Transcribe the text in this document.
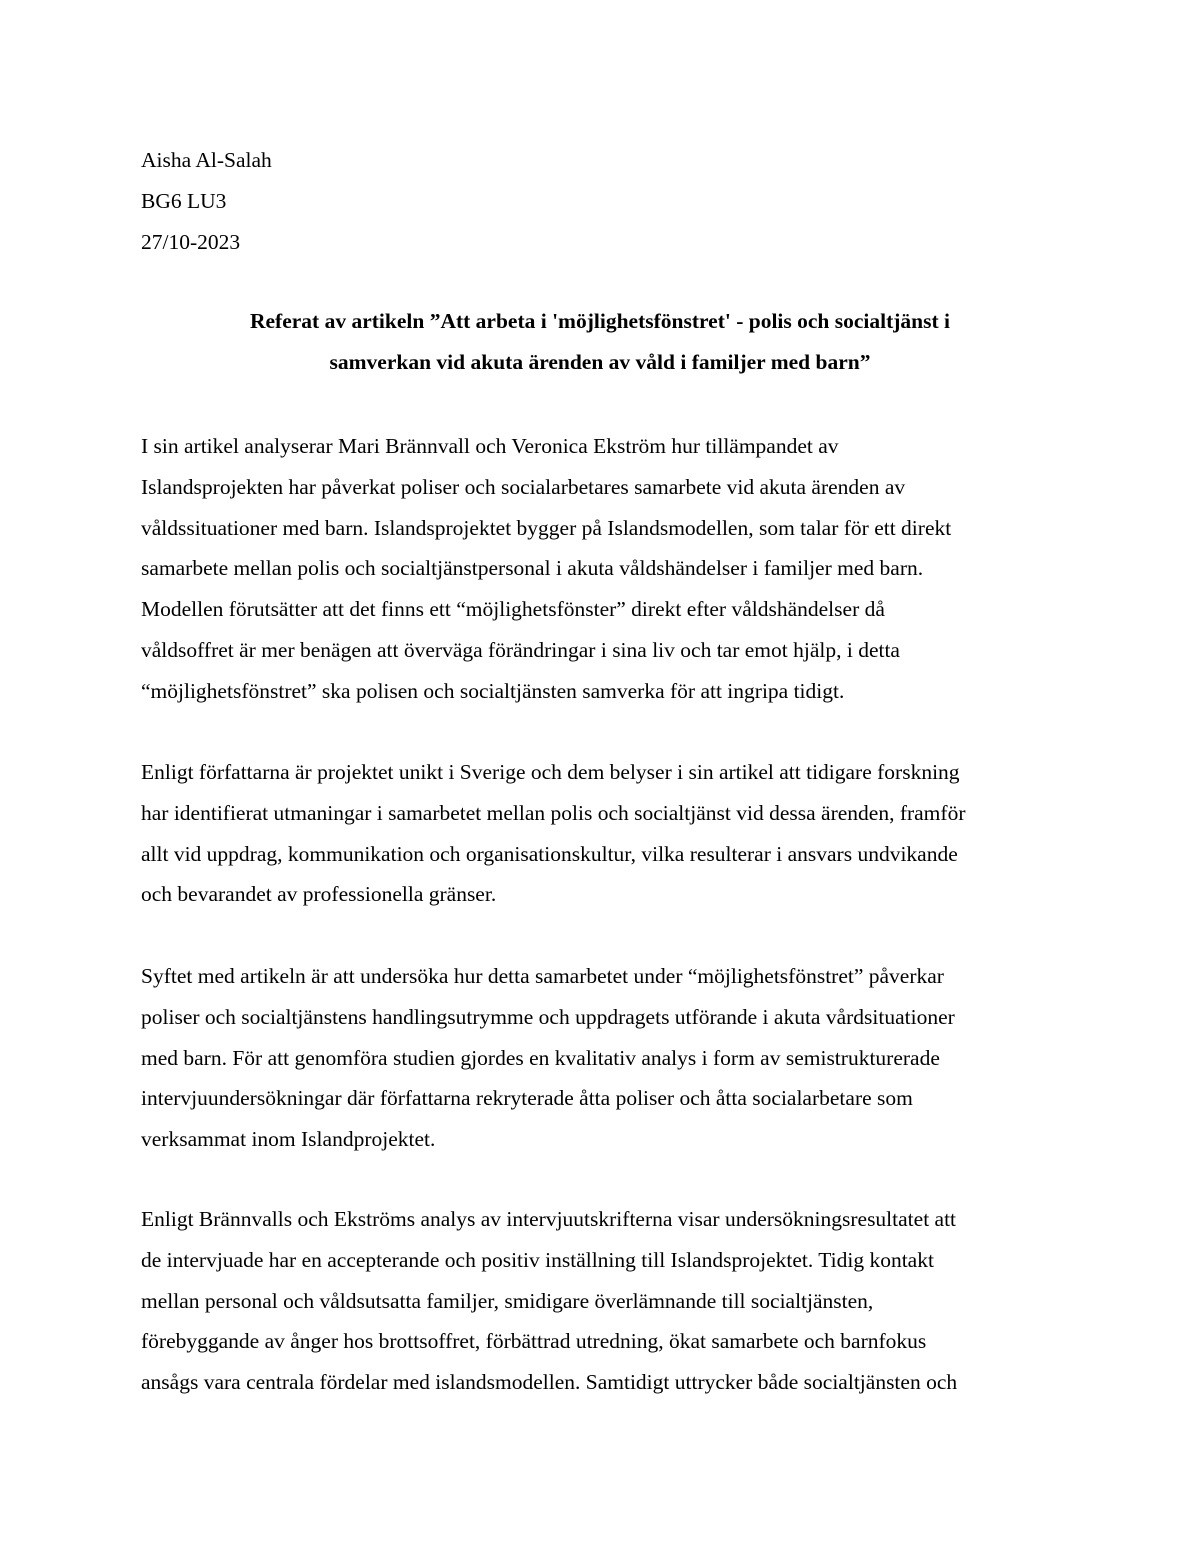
Aisha Al-Salah
BG6 LU3
27/10-2023
Referat av artikeln ”Att arbeta i 'möjlighetsfönstret' - polis och socialtjänst i
samverkan vid akuta ärenden av våld i familjer med barn”
I sin artikel analyserar Mari Brännvall och Veronica Ekström hur tillämpandet av
Islandsprojekten har påverkat poliser och socialarbetares samarbete vid akuta ärenden av
våldssituationer med barn. Islandsprojektet bygger på Islandsmodellen, som talar för ett direkt
samarbete mellan polis och socialtjänstpersonal i akuta våldshändelser i familjer med barn.
Modellen förutsätter att det finns ett “möjlighetsfönster” direkt efter våldshändelser då
våldsoffret är mer benägen att överväga förändringar i sina liv och tar emot hjälp, i detta
“möjlighetsfönstret” ska polisen och socialtjänsten samverka för att ingripa tidigt.
Enligt författarna är projektet unikt i Sverige och dem belyser i sin artikel att tidigare forskning
har identifierat utmaningar i samarbetet mellan polis och socialtjänst vid dessa ärenden, framför
allt vid uppdrag, kommunikation och organisationskultur, vilka resulterar i ansvars undvikande
och bevarandet av professionella gränser.
Syftet med artikeln är att undersöka hur detta samarbetet under “möjlighetsfönstret” påverkar
poliser och socialtjänstens handlingsutrymme och uppdragets utförande i akuta vårdsituationer
med barn. För att genomföra studien gjordes en kvalitativ analys i form av semistrukturerade
intervjuundersökningar där författarna rekryterade åtta poliser och åtta socialarbetare som
verksammat inom Islandprojektet.
Enligt Brännvalls och Ekströms analys av intervjuutskrifterna visar undersökningsresultatet att
de intervjuade har en accepterande och positiv inställning till Islandsprojektet. Tidig kontakt
mellan personal och våldsutsatta familjer, smidigare överlämnande till socialtjänsten,
förebyggande av ånger hos brottsoffret, förbättrad utredning, ökat samarbete och barnfokus
ansågs vara centrala fördelar med islandsmodellen. Samtidigt uttrycker både socialtjänsten och
